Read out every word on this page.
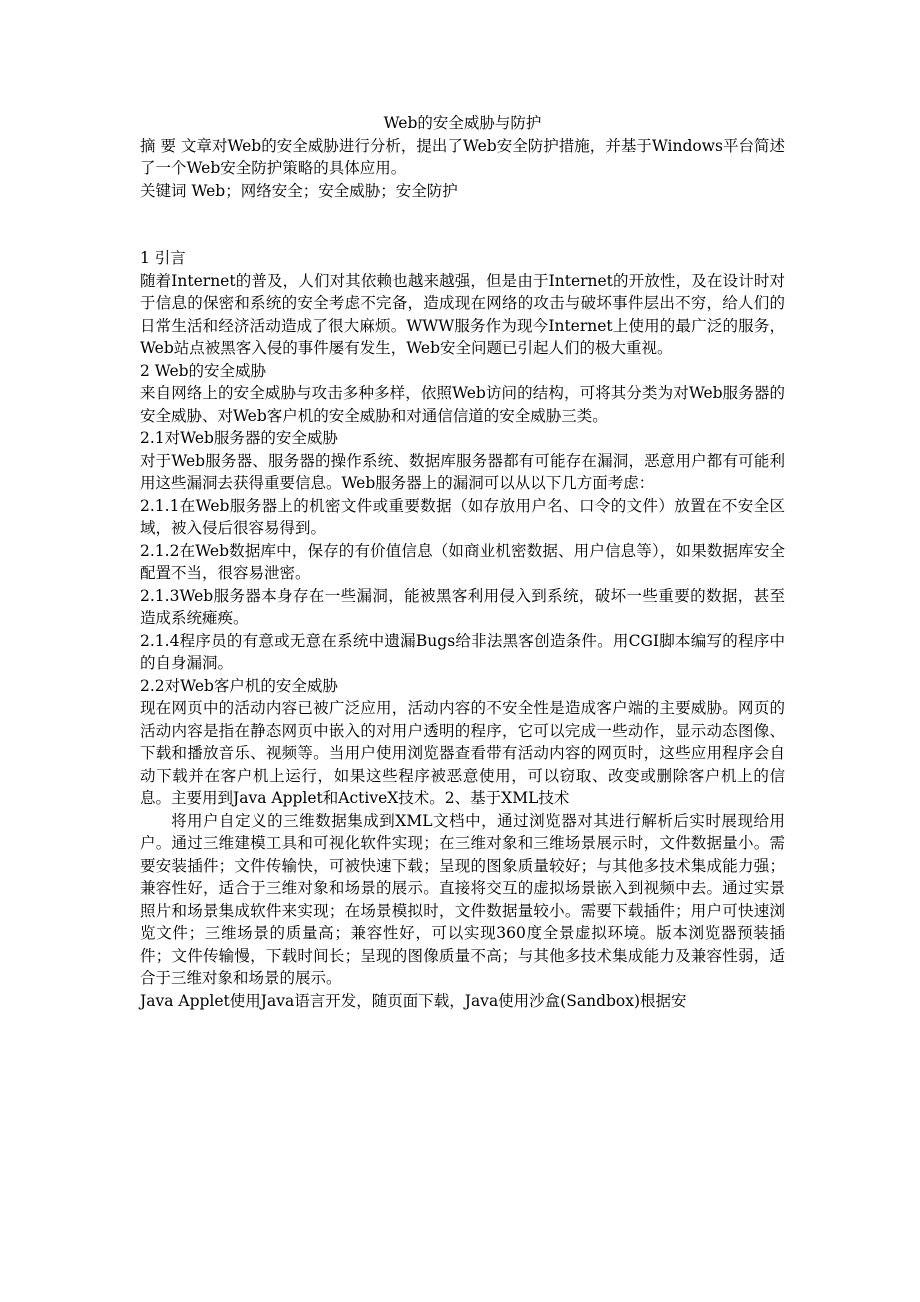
Web的安全威胁与防护

摘 要 文章对Web的安全威胁进行分析，提出了Web安全防护措施，并基于Windows平台简述了一个Web安全防护策略的具体应用。

关键词 Web；网络安全；安全威胁；安全防护

1 引言

随着Internet的普及，人们对其依赖也越来越强，但是由于Internet的开放性，及在设计时对于信息的保密和系统的安全考虑不完备，造成现在网络的攻击与破坏事件层出不穷，给人们的日常生活和经济活动造成了很大麻烦。WWW服务作为现今Internet上使用的最广泛的服务，Web站点被黑客入侵的事件屡有发生，Web安全问题已引起人们的极大重视。

2 Web的安全威胁

来自网络上的安全威胁与攻击多种多样，依照Web访问的结构，可将其分类为对Web服务器的安全威胁、对Web客户机的安全威胁和对通信信道的安全威胁三类。

2.1对Web服务器的安全威胁

对于Web服务器、服务器的操作系统、数据库服务器都有可能存在漏洞，恶意用户都有可能利用这些漏洞去获得重要信息。Web服务器上的漏洞可以从以下几方面考虑：

2.1.1在Web服务器上的机密文件或重要数据（如存放用户名、口令的文件）放置在不安全区域，被入侵后很容易得到。

2.1.2在Web数据库中，保存的有价值信息（如商业机密数据、用户信息等），如果数据库安全配置不当，很容易泄密。

2.1.3Web服务器本身存在一些漏洞，能被黑客利用侵入到系统，破坏一些重要的数据，甚至造成系统瘫痪。

2.1.4程序员的有意或无意在系统中遗漏Bugs给非法黑客创造条件。用CGI脚本编写的程序中的自身漏洞。

2.2对Web客户机的安全威胁

现在网页中的活动内容已被广泛应用，活动内容的不安全性是造成客户端的主要威胁。网页的活动内容是指在静态网页中嵌入的对用户透明的程序，它可以完成一些动作，显示动态图像、下载和播放音乐、视频等。当用户使用浏览器查看带有活动内容的网页时，这些应用程序会自动下载并在客户机上运行，如果这些程序被恶意使用，可以窃取、改变或删除客户机上的信息。主要用到Java Applet和ActiveX技术。2、基于XML技术

将用户自定义的三维数据集成到XML文档中，通过浏览器对其进行解析后实时展现给用户。通过三维建模工具和可视化软件实现；在三维对象和三维场景展示时，文件数据量小。需要安装插件；文件传输快，可被快速下载；呈现的图象质量较好；与其他多技术集成能力强；兼容性好，适合于三维对象和场景的展示。直接将交互的虚拟场景嵌入到视频中去。通过实景照片和场景集成软件来实现；在场景模拟时，文件数据量较小。需要下载插件；用户可快速浏览文件；三维场景的质量高；兼容性好，可以实现360度全景虚拟环境。版本浏览器预装插件；文件传输慢，下载时间长；呈现的图像质量不高；与其他多技术集成能力及兼容性弱，适合于三维对象和场景的展示。

Java Applet使用Java语言开发，随页面下载，Java使用沙盒(Sandbox)根据安
